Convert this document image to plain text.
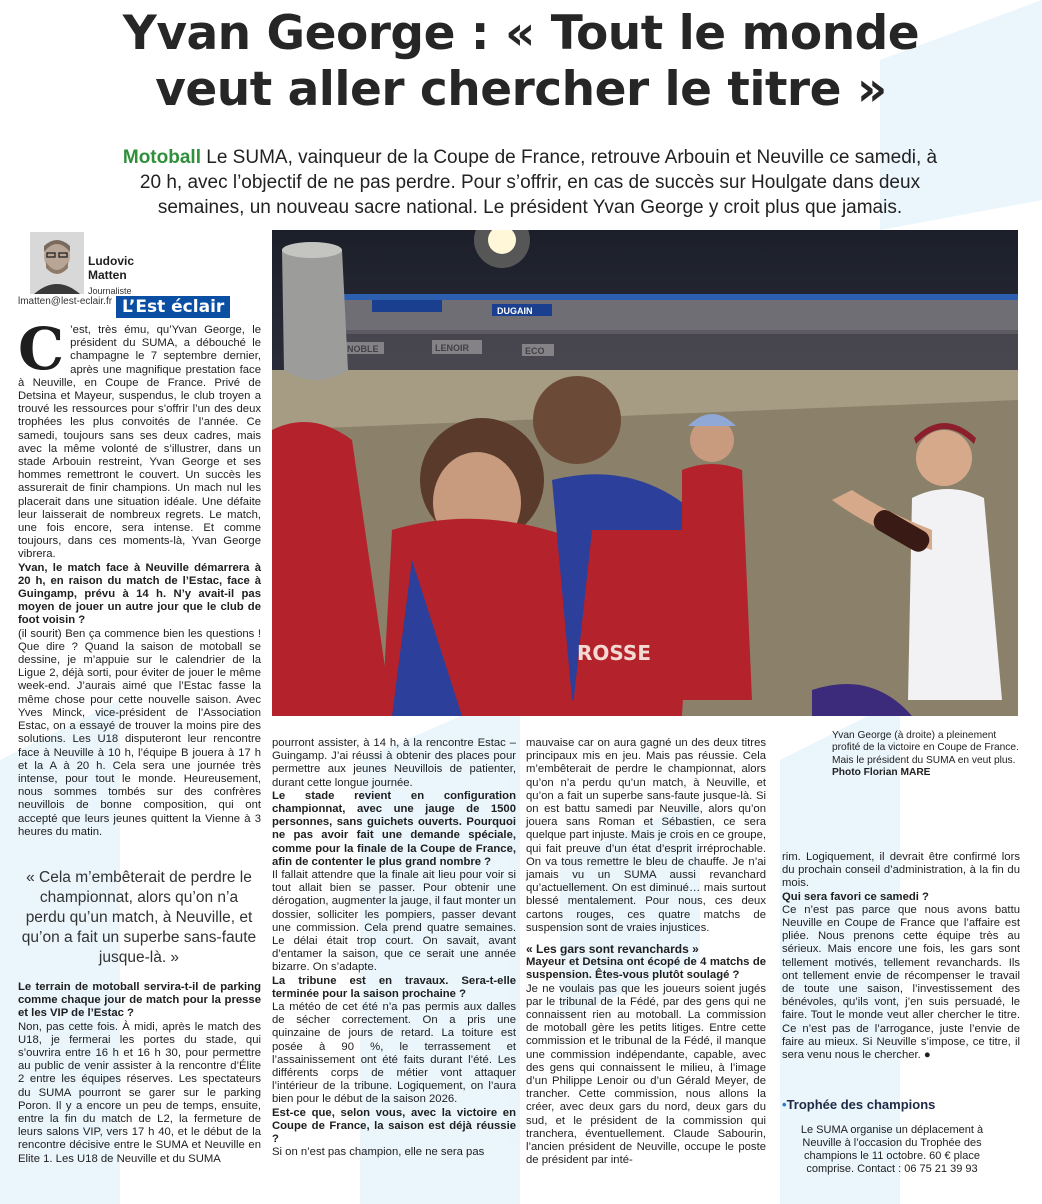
Yvan George : « Tout le monde
veut aller chercher le titre »

Motoball Le SUMA, vainqueur de la Coupe de France, retrouve Arbouin et Neuville ce samedi, à 20 h, avec l’objectif de ne pas perdre. Pour s’offrir, en cas de succès sur Houlgate dans deux semaines, un nouveau sacre national. Le président Yvan George y croit plus que jamais.

Ludovic
Matten
Journaliste
lmatten@lest-eclair.fr L’Est éclair

C ’est, très ému, qu’Yvan George, le président du SUMA, a débouché le champagne le 7 septembre dernier, après une magnifique prestation face à Neuville, en Coupe de France. Privé de Detsina et Mayeur, suspendus, le club troyen a trouvé les ressources pour s’offrir l’un des deux trophées les plus convoités de l’année. Ce samedi, toujours sans ses deux cadres, mais avec la même volonté de s’illustrer, dans un stade Arbouin restreint, Yvan George et ses hommes remettront le couvert. Un succès les assurerait de finir champions. Un mach nul les placerait dans une situation idéale. Une défaite leur laisserait de nombreux regrets. Le match, une fois encore, sera intense. Et comme toujours, dans ces moments-là, Yvan George vibrera.

Yvan, le match face à Neuville démarrera à 20 h, en raison du match de l’Estac, face à Guingamp, prévu à 14 h. N’y avait-il pas moyen de jouer un autre jour que le club de foot voisin ?

(il sourit) Ben ça commence bien les questions ! Que dire ? Quand la saison de motoball se dessine, je m’appuie sur le calendrier de la Ligue 2, déjà sorti, pour éviter de jouer le même week-end. J’aurais aimé que l’Estac fasse la même chose pour cette nouvelle saison. Avec Yves Minck, vice-président de l’Association Estac, on a essayé de trouver la moins pire des solutions. Les U18 disputeront leur rencontre face à Neuville à 10 h, l’équipe B jouera à 17 h et la A à 20 h. Cela sera une journée très intense, pour tout le monde. Heureusement, nous sommes tombés sur des confrères neuvillois de bonne composition, qui ont accepté que leurs jeunes quittent la Vienne à 3 heures du matin.

« Cela m’embêterait de perdre le championnat, alors qu’on n’a perdu qu’un match, à Neuville, et qu’on a fait un superbe sans-faute jusque-là. »

Le terrain de motoball servira-t-il de parking comme chaque jour de match pour la presse et les VIP de l’Estac ?

Non, pas cette fois. À midi, après le match des U18, je fermerai les portes du stade, qui s’ouvrira entre 16 h et 16 h 30, pour permettre au public de venir assister à la rencontre d’Élite 2 entre les équipes réserves. Les spectateurs du SUMA pourront se garer sur le parking Poron. Il y a encore un peu de temps, ensuite, entre la fin du match de L2, la fermeture de leurs salons VIP, vers 17 h 40, et le début de la rencontre décisive entre le SUMA et Neuville en Elite 1. Les U18 de Neuville et du SUMA

DUGAIN
ROSSE

pourront assister, à 14 h, à la rencontre Estac – Guingamp. J’ai réussi à obtenir des places pour permettre aux jeunes Neuvillois de patienter, durant cette longue journée.

Le stade revient en configuration championnat, avec une jauge de 1500 personnes, sans guichets ouverts. Pourquoi ne pas avoir fait une demande spéciale, comme pour la finale de la Coupe de France, afin de contenter le plus grand nombre ?

Il fallait attendre que la finale ait lieu pour voir si tout allait bien se passer. Pour obtenir une dérogation, augmenter la jauge, il faut monter un dossier, solliciter les pompiers, passer devant une commission. Cela prend quatre semaines. Le délai était trop court. On savait, avant d’entamer la saison, que ce serait une année bizarre. On s’adapte.

La tribune est en travaux. Sera-t-elle terminée pour la saison prochaine ?

La météo de cet été n’a pas permis aux dalles de sécher correctement. On a pris une quinzaine de jours de retard. La toiture est posée à 90 %, le terrassement et l’assainissement ont été faits durant l’été. Les différents corps de métier vont attaquer l’intérieur de la tribune. Logiquement, on l’aura bien pour le début de la saison 2026.

Est-ce que, selon vous, avec la victoire en Coupe de France, la saison est déjà réussie ?

Si on n’est pas champion, elle ne sera pas

mauvaise car on aura gagné un des deux titres principaux mis en jeu. Mais pas réussie. Cela m’embêterait de perdre le championnat, alors qu’on n’a perdu qu’un match, à Neuville, et qu’on a fait un superbe sans-faute jusque-là. Si on est battu samedi par Neuville, alors qu’on jouera sans Roman et Sébastien, ce sera quelque part injuste. Mais je crois en ce groupe, qui fait preuve d’un état d’esprit irréprochable. On va tous remettre le bleu de chauffe. Je n’ai jamais vu un SUMA aussi revanchard qu’actuellement. On est diminué… mais surtout blessé mentalement. Pour nous, ces deux cartons rouges, ces quatre matchs de suspension sont de vraies injustices.

« Les gars sont revanchards »

Mayeur et Detsina ont écopé de 4 matchs de suspension. Êtes-vous plutôt soulagé ?

Je ne voulais pas que les joueurs soient jugés par le tribunal de la Fédé, par des gens qui ne connaissent rien au motoball. La commission de motoball gère les petits litiges. Entre cette commission et le tribunal de la Fédé, il manque une commission indépendante, capable, avec des gens qui connaissent le milieu, à l’image d’un Philippe Lenoir ou d’un Gérald Meyer, de trancher. Cette commission, nous allons la créer, avec deux gars du nord, deux gars du sud, et le président de la commission qui tranchera, éventuellement. Claude Sabourin, l’ancien président de Neuville, occupe le poste de président par inté-

Yvan George (à droite) a pleinement profité de la victoire en Coupe de France. Mais le président du SUMA en veut plus.
Photo Florian MARE

rim. Logiquement, il devrait être confirmé lors du prochain conseil d’administration, à la fin du mois.

Qui sera favori ce samedi ?

Ce n’est pas parce que nous avons battu Neuville en Coupe de France que l’affaire est pliée. Nous prenons cette équipe très au sérieux. Mais encore une fois, les gars sont tellement motivés, tellement revanchards. Ils ont tellement envie de récompenser le travail de toute une saison, l’investissement des bénévoles, qu’ils vont, j’en suis persuadé, le faire. Tout le monde veut aller chercher le titre. Ce n’est pas de l’arrogance, juste l’envie de faire au mieux. Si Neuville s’impose, ce titre, il sera venu nous le chercher. ●

•Trophée des champions
Le SUMA organise un déplacement à Neuville à l’occasion du Trophée des champions le 11 octobre. 60 € place comprise. Contact : 06 75 21 39 93
